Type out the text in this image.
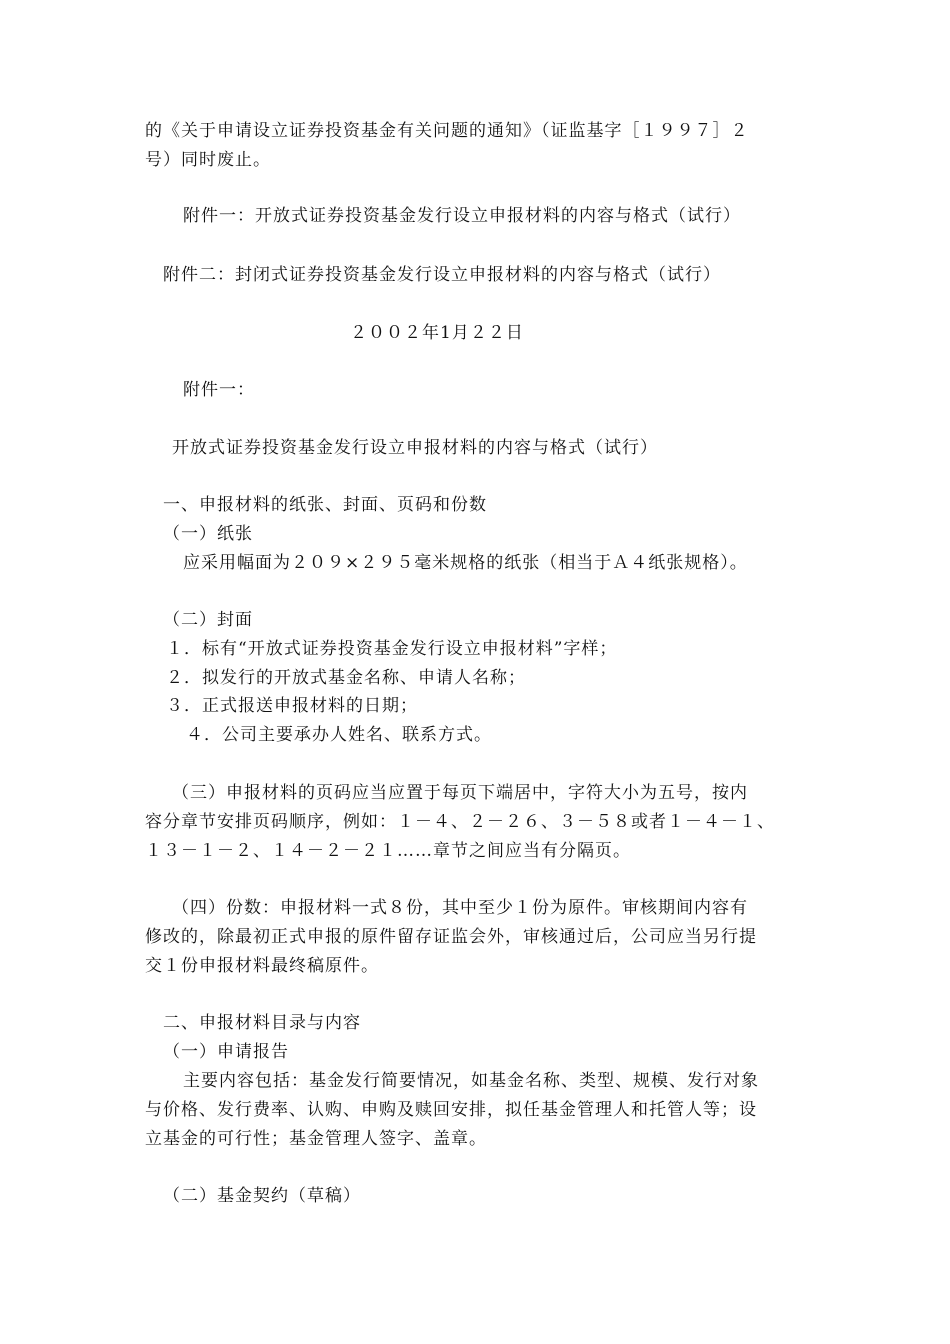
的《关于申请设立证券投资基金有关问题的通知》（证监基字［１９９７］２
号）同时废止。
附件一：开放式证券投资基金发行设立申报材料的内容与格式（试行）
附件二：封闭式证券投资基金发行设立申报材料的内容与格式（试行）
２００２年1月２２日
附件一：
开放式证券投资基金发行设立申报材料的内容与格式（试行）
一、申报材料的纸张、封面、页码和份数
（一）纸张
应采用幅面为２０９×２９５毫米规格的纸张（相当于Ａ４纸张规格）。
（二）封面
１．标有“开放式证券投资基金发行设立申报材料”字样；
２．拟发行的开放式基金名称、申请人名称；
３．正式报送申报材料的日期；
４．公司主要承办人姓名、联系方式。
（三）申报材料的页码应当应置于每页下端居中，字符大小为五号，按内
容分章节安排页码顺序，例如：１－４、２－２６、３－５８或者１－４－１、
１３－１－２、１４－２－２１……章节之间应当有分隔页。
（四）份数：申报材料一式８份，其中至少１份为原件。审核期间内容有
修改的，除最初正式申报的原件留存证监会外，审核通过后，公司应当另行提
交１份申报材料最终稿原件。
二、申报材料目录与内容
（一）申请报告
主要内容包括：基金发行简要情况，如基金名称、类型、规模、发行对象
与价格、发行费率、认购、申购及赎回安排，拟任基金管理人和托管人等；设
立基金的可行性；基金管理人签字、盖章。
（二）基金契约（草稿）
